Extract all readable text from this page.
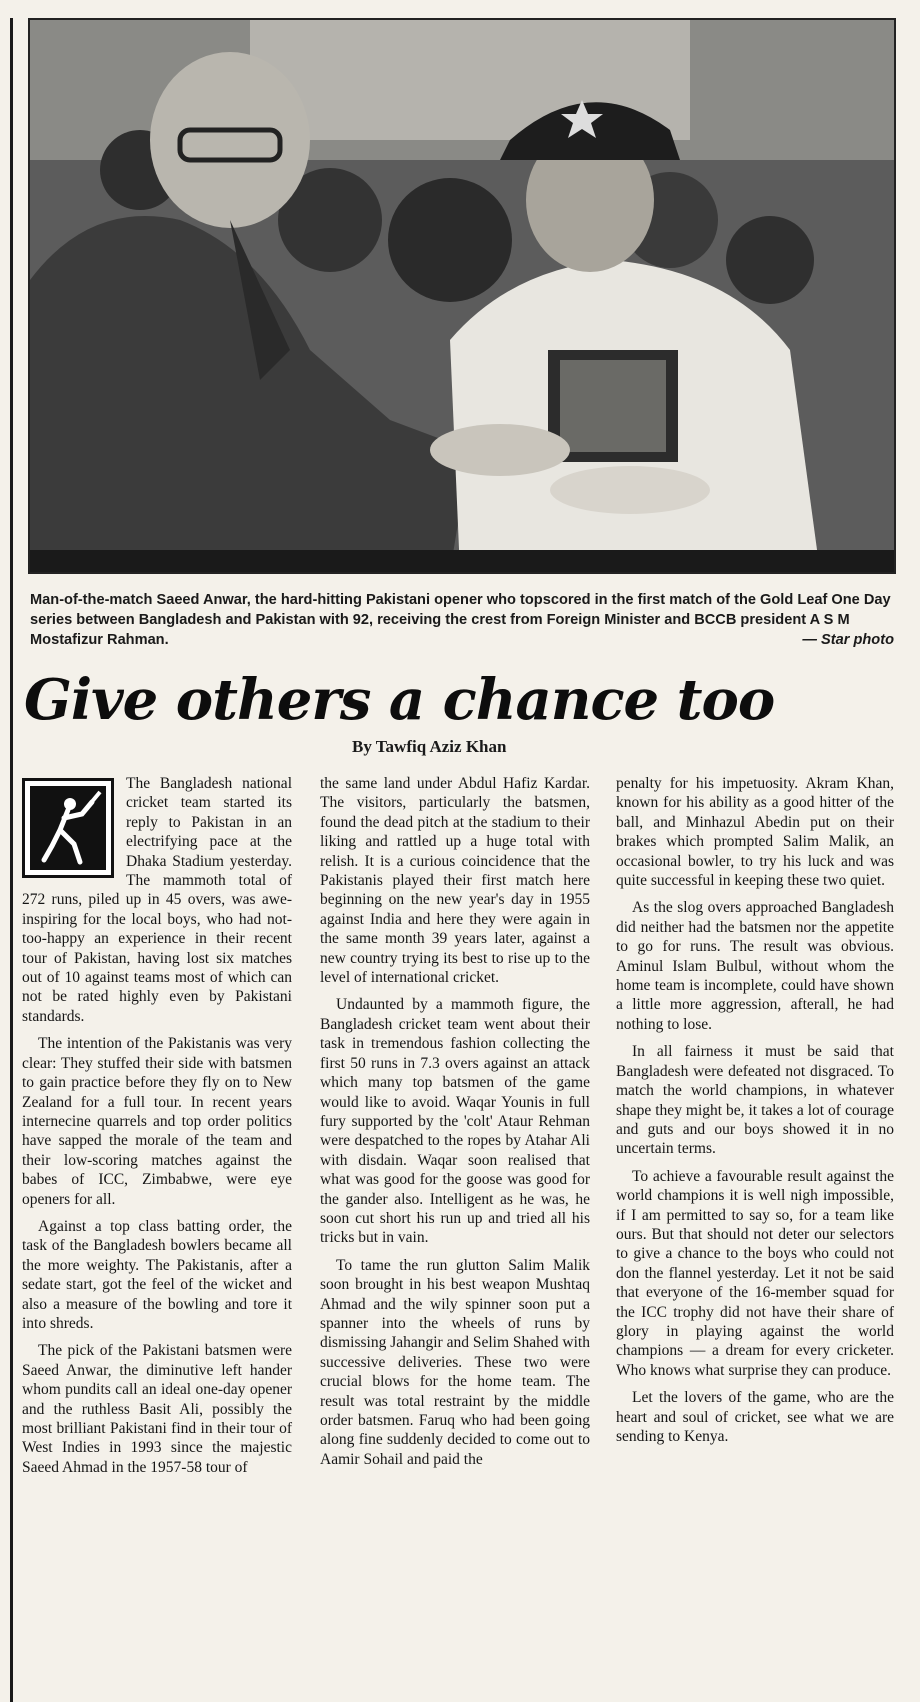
Man-of-the-match Saeed Anwar, the hard-hitting Pakistani opener who topscored in the first match of the Gold Leaf One Day series between Bangladesh and Pakistan with 92, receiving the crest from Foreign Minister and BCCB president A S M Mostafizur Rahman.	— Star photo
Give others a chance too
By Tawfiq Aziz Khan

The Bangladesh national cricket team started its reply to Pakistan in an electrifying pace at the Dhaka Stadium yesterday. The mammoth total of 272 runs, piled up in 45 overs, was awe-inspiring for the local boys, who had not-too-happy an experience in their recent tour of Pakistan, having lost six matches out of 10 against teams most of which can not be rated highly even by Pakistani standards.

The intention of the Pakistanis was very clear: They stuffed their side with batsmen to gain practice before they fly on to New Zealand for a full tour. In recent years internecine quarrels and top order politics have sapped the morale of the team and their low-scoring matches against the babes of ICC, Zimbabwe, were eye openers for all.

Against a top class batting order, the task of the Bangladesh bowlers became all the more weighty. The Pakistanis, after a sedate start, got the feel of the wicket and also a measure of the bowling and tore it into shreds.

The pick of the Pakistani batsmen were Saeed Anwar, the diminutive left hander whom pundits call an ideal one-day opener and the ruthless Basit Ali, possibly the most brilliant Pakistani find in their tour of West Indies in 1993 since the majestic Saeed Ahmad in the 1957-58 tour of

the same land under Abdul Hafiz Kardar. The visitors, particularly the batsmen, found the dead pitch at the stadium to their liking and rattled up a huge total with relish. It is a curious coincidence that the Pakistanis played their first match here beginning on the new year's day in 1955 against India and here they were again in the same month 39 years later, against a new country trying its best to rise up to the level of international cricket.

Undaunted by a mammoth figure, the Bangladesh cricket team went about their task in tremendous fashion collecting the first 50 runs in 7.3 overs against an attack which many top batsmen of the game would like to avoid. Waqar Younis in full fury supported by the 'colt' Ataur Rehman were despatched to the ropes by Atahar Ali with disdain. Waqar soon realised that what was good for the goose was good for the gander also. Intelligent as he was, he soon cut short his run up and tried all his tricks but in vain.

To tame the run glutton Salim Malik soon brought in his best weapon Mushtaq Ahmad and the wily spinner soon put a spanner into the wheels of runs by dismissing Jahangir and Selim Shahed with successive deliveries. These two were crucial blows for the home team. The result was total restraint by the middle order batsmen. Faruq who had been going along fine suddenly decided to come out to Aamir Sohail and paid the

penalty for his impetuosity. Akram Khan, known for his ability as a good hitter of the ball, and Minhazul Abedin put on their brakes which prompted Salim Malik, an occasional bowler, to try his luck and was quite successful in keeping these two quiet.

As the slog overs approached Bangladesh did neither had the batsmen nor the appetite to go for runs. The result was obvious. Aminul Islam Bulbul, without whom the home team is incomplete, could have shown a little more aggression, afterall, he had nothing to lose.

In all fairness it must be said that Bangladesh were defeated not disgraced. To match the world champions, in whatever shape they might be, it takes a lot of courage and guts and our boys showed it in no uncertain terms.

To achieve a favourable result against the world champions it is well nigh impossible, if I am permitted to say so, for a team like ours. But that should not deter our selectors to give a chance to the boys who could not don the flannel yesterday. Let it not be said that everyone of the 16-member squad for the ICC trophy did not have their share of glory in playing against the world champions — a dream for every cricketer. Who knows what surprise they can produce.

Let the lovers of the game, who are the heart and soul of cricket, see what we are sending to Kenya.
